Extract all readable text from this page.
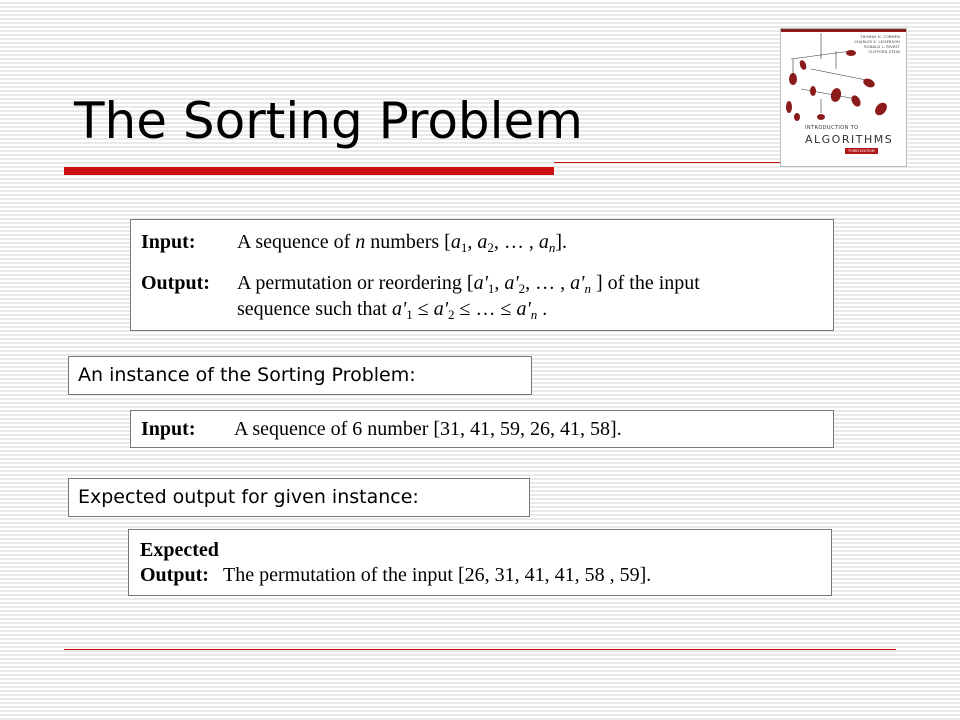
The Sorting Problem
THOMAS H. CORMEN
CHARLES E. LEISERSON
RONALD L. RIVEST
CLIFFORD STEIN
INTRODUCTION TO
ALGORITHMS
THIRD EDITION
Input: A sequence of n numbers [$a_1$, $a_2$, … , $a_n$].
Output: A permutation or reordering [$a'_1$, $a'_2$, … , $a'_n$ ] of the input
sequence such that $a'_1 \le a'_2$ ≤ … ≤ $a'_n$ .
An instance of the Sorting Problem:
Input: A sequence of 6 number [31, 41, 59, 26, 41, 58].
Expected output for given instance:
Expected
Output: The permutation of the input [26, 31, 41, 41, 58 , 59].
